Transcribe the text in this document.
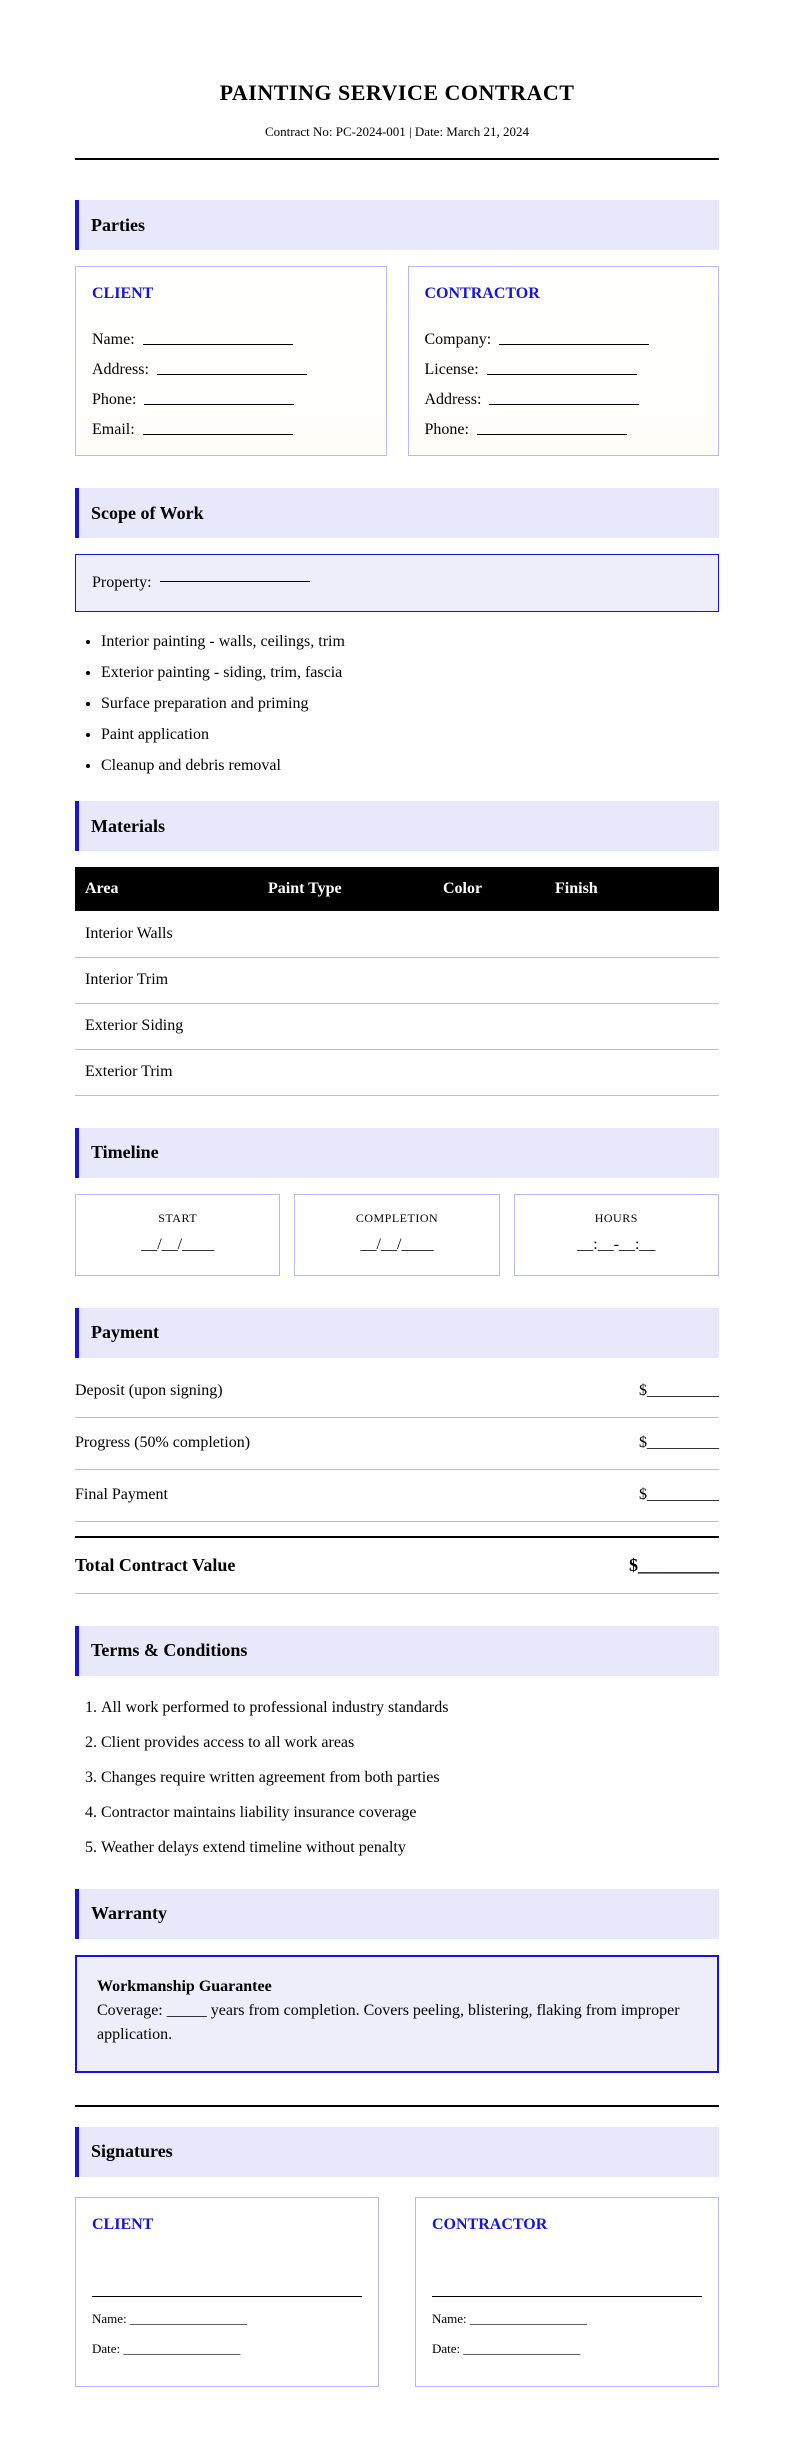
PAINTING SERVICE CONTRACT
Contract No: PC-2024-001 | Date: March 21, 2024
Parties
CLIENT
Name:
Address:
Phone:
Email:
CONTRACTOR
Company:
License:
Address:
Phone:
Scope of Work
Property:
• Interior painting - walls, ceilings, trim
• Exterior painting - siding, trim, fascia
• Surface preparation and priming
• Paint application
• Cleanup and debris removal
Materials
Area	Paint Type	Color	Finish
Interior Walls			
Interior Trim			
Exterior Siding			
Exterior Trim			
Timeline
START
__/__/____
COMPLETION
__/__/____
HOURS
__:__-__:__
Payment
Deposit (upon signing)	$_________
Progress (50% completion)	$_________
Final Payment	$_________
Total Contract Value	$_________
Terms & Conditions
1. All work performed to professional industry standards
2. Client provides access to all work areas
3. Changes require written agreement from both parties
4. Contractor maintains liability insurance coverage
5. Weather delays extend timeline without penalty
Warranty
Workmanship Guarantee
Coverage: _____ years from completion. Covers peeling, blistering, flaking from improper application.
Signatures
CLIENT
Name: __________________
Date: __________________
CONTRACTOR
Name: __________________
Date: __________________
